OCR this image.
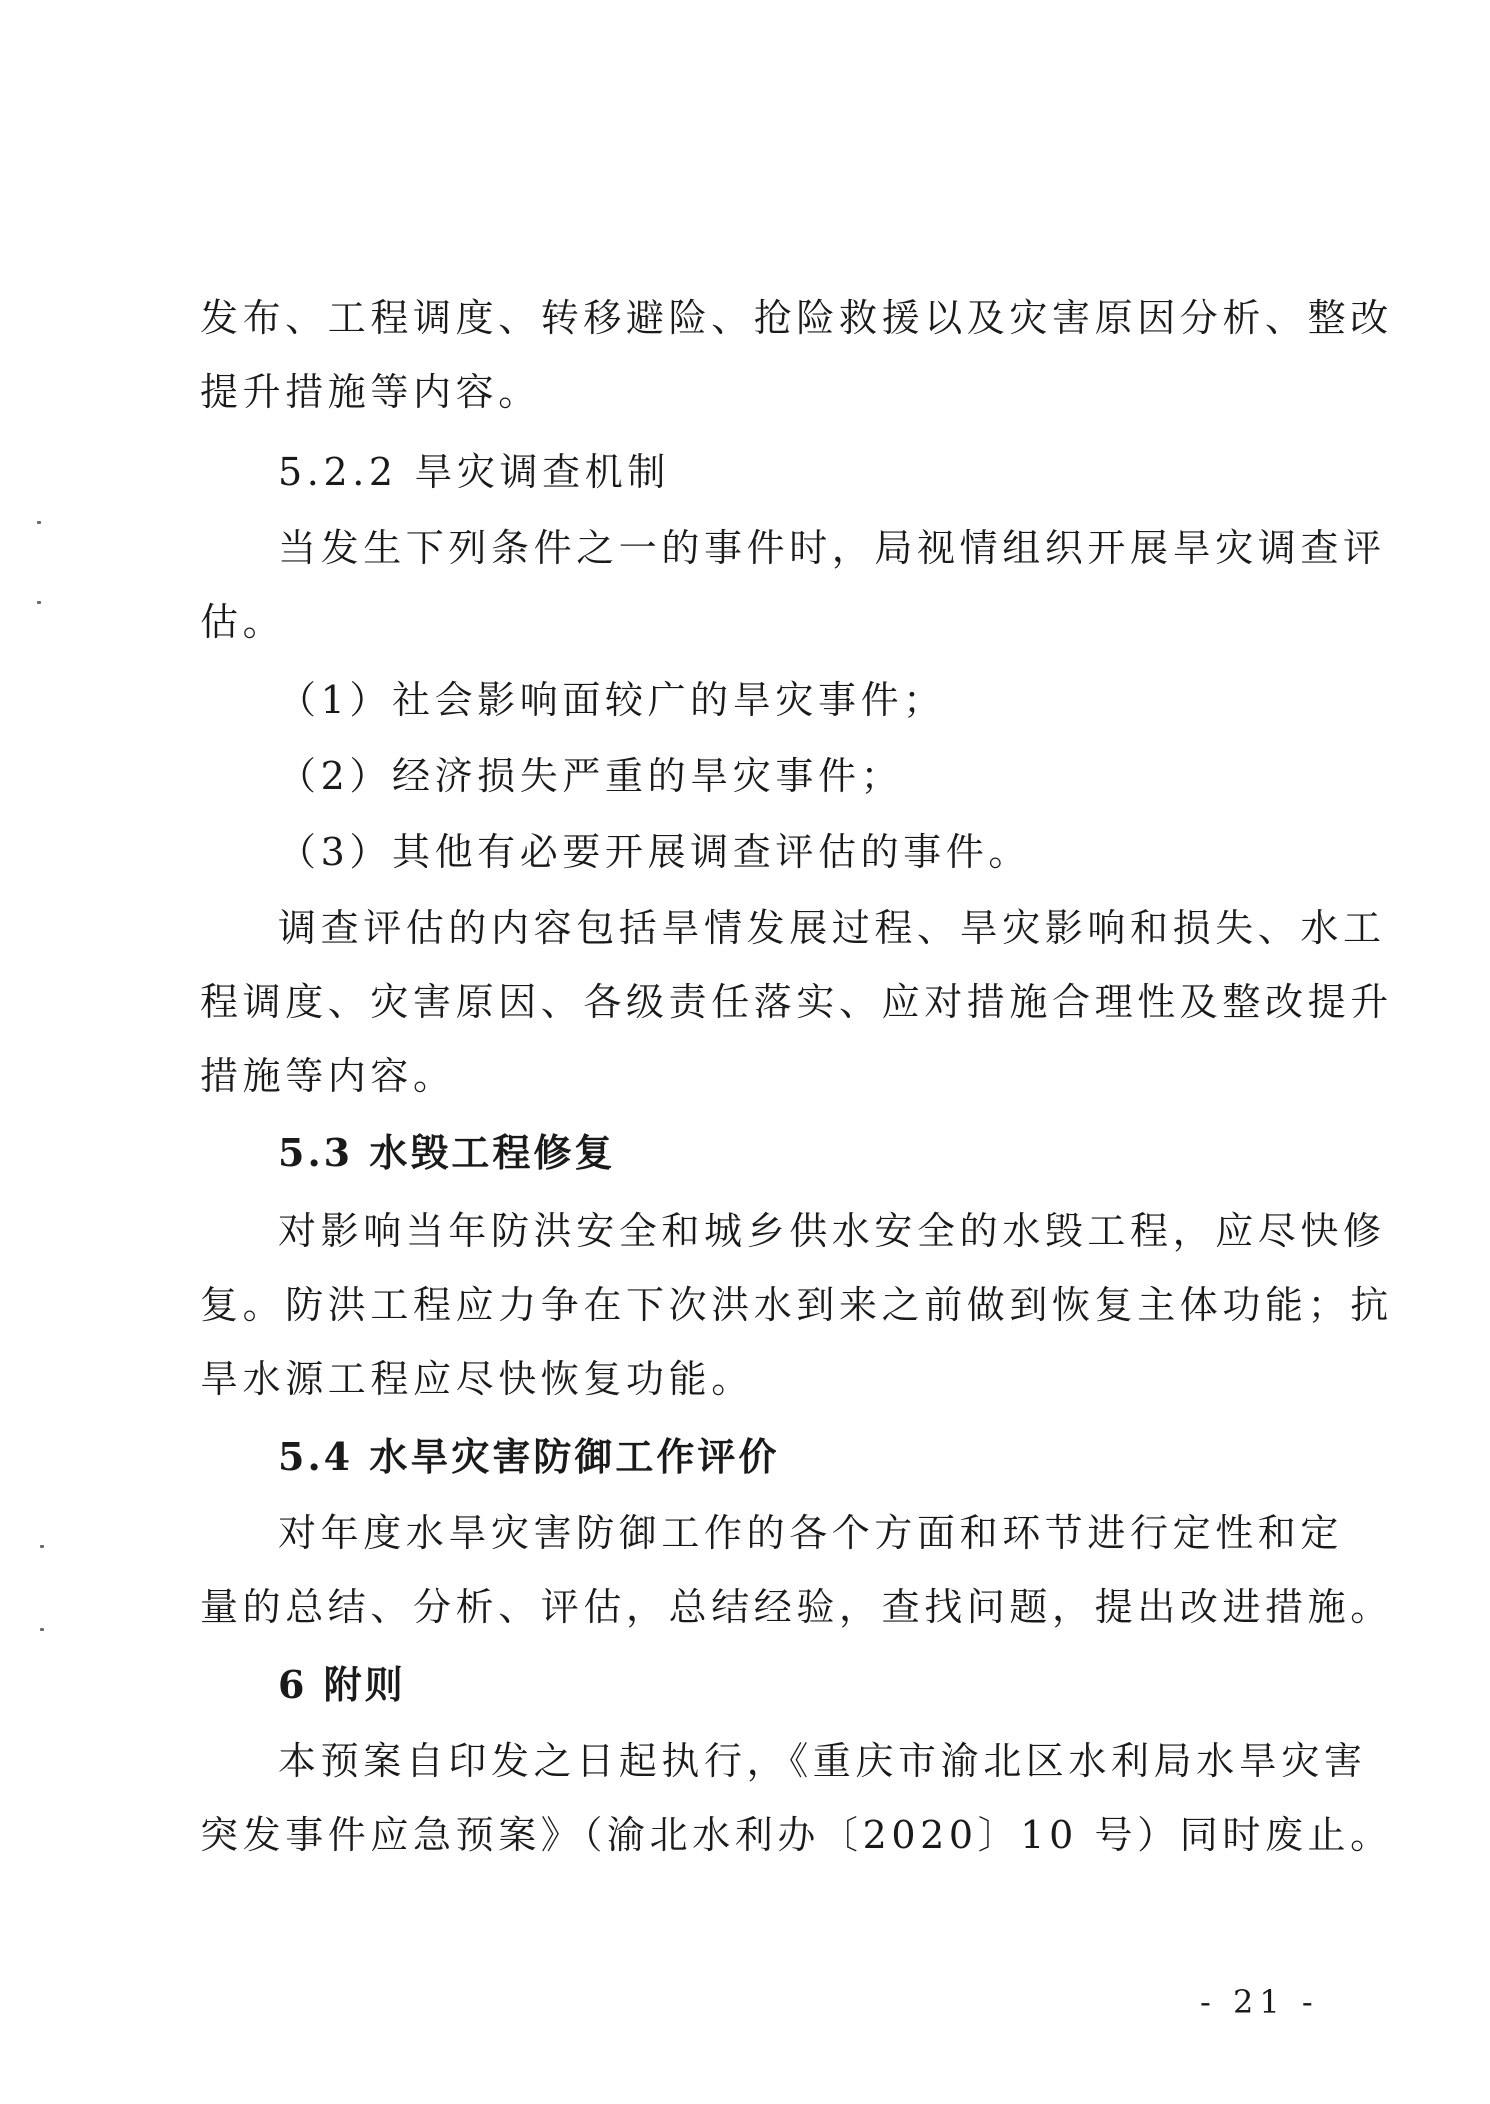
发布、工程调度、转移避险、抢险救援以及灾害原因分析、整改
提升措施等内容。
5.2.2 旱灾调查机制
当发生下列条件之一的事件时，局视情组织开展旱灾调查评
估。
（1）社会影响面较广的旱灾事件；
（2）经济损失严重的旱灾事件；
（3）其他有必要开展调查评估的事件。
调查评估的内容包括旱情发展过程、旱灾影响和损失、水工
程调度、灾害原因、各级责任落实、应对措施合理性及整改提升
措施等内容。
5.3 水毁工程修复
对影响当年防洪安全和城乡供水安全的水毁工程，应尽快修
复。防洪工程应力争在下次洪水到来之前做到恢复主体功能；抗
旱水源工程应尽快恢复功能。
5.4 水旱灾害防御工作评价
对年度水旱灾害防御工作的各个方面和环节进行定性和定
量的总结、分析、评估，总结经验，查找问题，提出改进措施。
6 附则
本预案自印发之日起执行，《重庆市渝北区水利局水旱灾害
突发事件应急预案》（渝北水利办〔2020〕10 号）同时废止。
- 21 -
